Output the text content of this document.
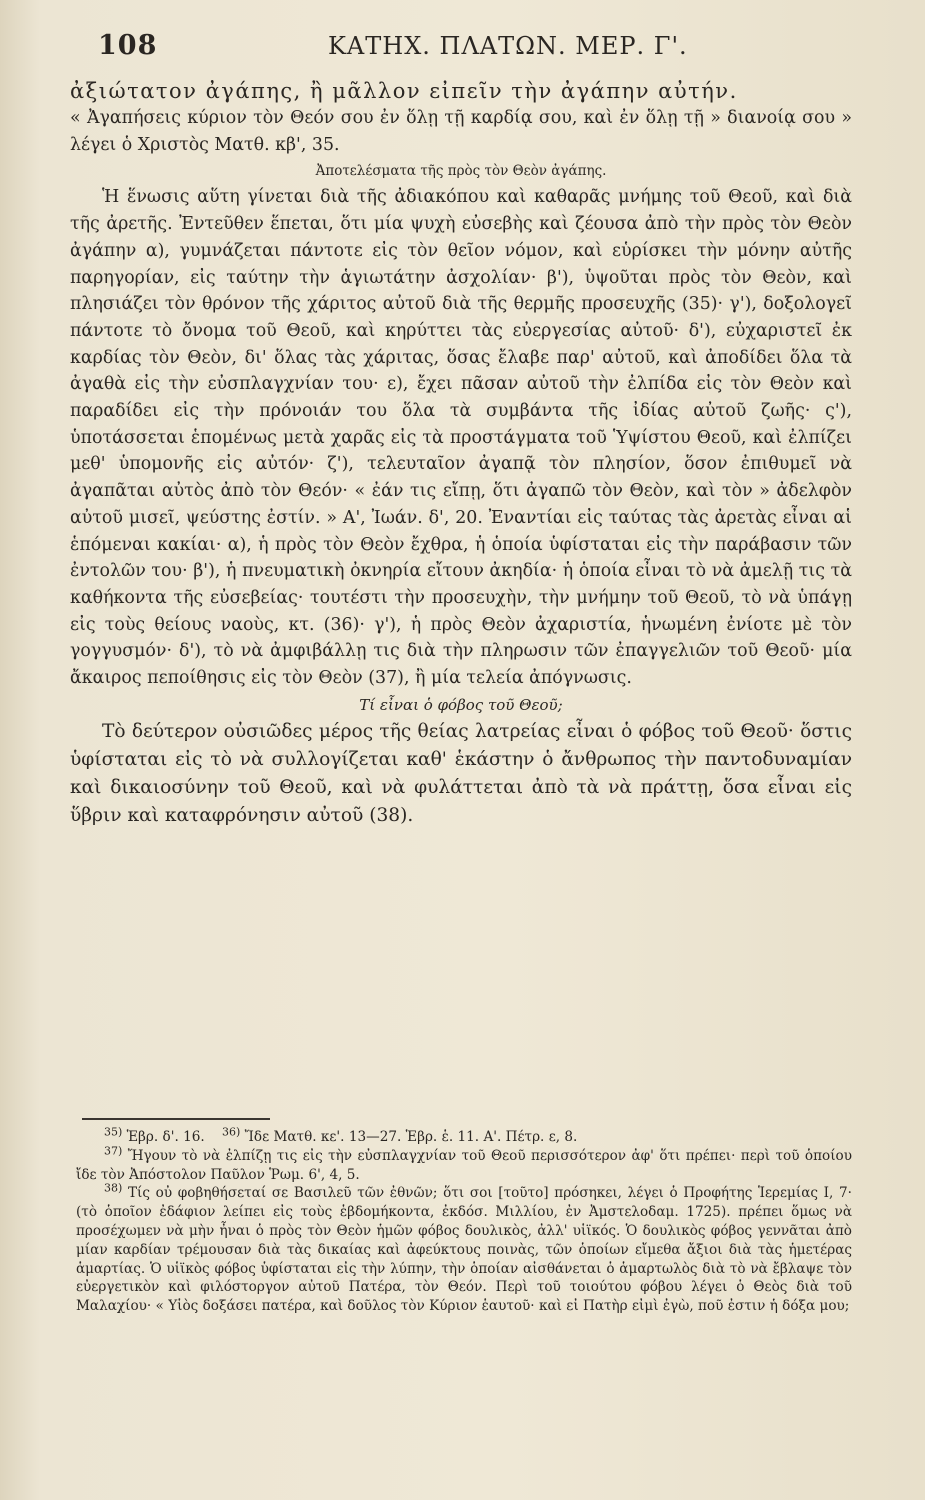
108	ΚΑΤΗΧ. ΠΛΑΤΩΝ. ΜΕΡ. Γ'.

ἀξιώτατον ἀγάπης, ἢ μᾶλλον εἰπεῖν τὴν ἀγάπην αὐτήν.

« Ἀγαπήσεις κύριον τὸν Θεόν σου ἐν ὅλῃ τῇ καρδίᾳ σου, καὶ ἐν ὅλῃ τῇ » διανοίᾳ σου » λέγει ὁ Χριστὸς Ματθ. κβ', 35.

Ἀποτελέσματα τῆς πρὸς τὸν Θεὸν ἀγάπης.

Ἡ ἕνωσις αὕτη γίνεται διὰ τῆς ἀδιακόπου καὶ καθαρᾶς μνήμης τοῦ Θεοῦ, καὶ διὰ τῆς ἀρετῆς. Ἐντεῦθεν ἕπεται, ὅτι μία ψυχὴ εὐσεβὴς καὶ ζέουσα ἀπὸ τὴν πρὸς τὸν Θεὸν ἀγάπην α), γυμνάζεται πάντοτε εἰς τὸν θεῖον νόμον, καὶ εὑρίσκει τὴν μόνην αὐτῆς παρηγορίαν, εἰς ταύτην τὴν ἁγιωτάτην ἀσχολίαν· β'), ὑψοῦται πρὸς τὸν Θεὸν, καὶ πλησιάζει τὸν θρόνον τῆς χάριτος αὐτοῦ διὰ τῆς θερμῆς προσευχῆς (35)· γ'), δοξολογεῖ πάντοτε τὸ ὄνομα τοῦ Θεοῦ, καὶ κηρύττει τὰς εὐεργεσίας αὐτοῦ· δ'), εὐχαριστεῖ ἐκ καρδίας τὸν Θεὸν, δι' ὅλας τὰς χάριτας, ὅσας ἔλαβε παρ' αὐτοῦ, καὶ ἀποδίδει ὅλα τὰ ἀγαθὰ εἰς τὴν εὐσπλαγχνίαν του· ε), ἔχει πᾶσαν αὐτοῦ τὴν ἐλπίδα εἰς τὸν Θεὸν καὶ παραδίδει εἰς τὴν πρόνοιάν του ὅλα τὰ συμβάντα τῆς ἰδίας αὐτοῦ ζωῆς· ς'), ὑποτάσσεται ἑπομένως μετὰ χαρᾶς εἰς τὰ προστάγματα τοῦ Ὑψίστου Θεοῦ, καὶ ἐλπίζει μεθ' ὑπομονῆς εἰς αὐτόν· ζ'), τελευταῖον ἀγαπᾷ τὸν πλησίον, ὅσον ἐπιθυμεῖ νὰ ἀγαπᾶται αὐτὸς ἀπὸ τὸν Θεόν· « ἐάν τις εἴπῃ, ὅτι ἀγαπῶ τὸν Θεὸν, καὶ τὸν » ἀδελφὸν αὐτοῦ μισεῖ, ψεύστης ἐστίν. » Α', Ἰωάν. δ', 20. Ἐναντίαι εἰς ταύτας τὰς ἀρετὰς εἶναι αἱ ἑπόμεναι κακίαι· α), ἡ πρὸς τὸν Θεὸν ἔχθρα, ἡ ὁποία ὑφίσταται εἰς τὴν παράβασιν τῶν ἐντολῶν του· β'), ἡ πνευματικὴ ὀκνηρία εἴτουν ἀκηδία· ἡ ὁποία εἶναι τὸ νὰ ἀμελῇ τις τὰ καθήκοντα τῆς εὐσεβείας· τουτέστι τὴν προσευχὴν, τὴν μνήμην τοῦ Θεοῦ, τὸ νὰ ὑπάγῃ εἰς τοὺς θείους ναοὺς, κτ. (36)· γ'), ἡ πρὸς Θεὸν ἀχαριστία, ἡνωμένη ἐνίοτε μὲ τὸν γογγυσμόν· δ'), τὸ νὰ ἀμφιβάλλῃ τις διὰ τὴν πληρωσιν τῶν ἐπαγγελιῶν τοῦ Θεοῦ· μία ἄκαιρος πεποίθησις εἰς τὸν Θεὸν (37), ἢ μία τελεία ἀπόγνωσις.

Τί εἶναι ὁ φόβος τοῦ Θεοῦ;

Τὸ δεύτερον οὐσιῶδες μέρος τῆς θείας λατρείας εἶναι ὁ φόβος τοῦ Θεοῦ· ὅστις ὑφίσταται εἰς τὸ νὰ συλλογίζεται καθ' ἑκάστην ὁ ἄνθρωπος τὴν παντοδυναμίαν καὶ δικαιοσύνην τοῦ Θεοῦ, καὶ νὰ φυλάττεται ἀπὸ τὰ νὰ πράττῃ, ὅσα εἶναι εἰς ὕβριν καὶ καταφρόνησιν αὐτοῦ (38).

$^{35)}$ Ἑβρ. δ'. 16. $^{36)}$ Ἴδε Ματθ. κε'. 13—27. Ἑβρ. ἑ. 11. Α'. Πέτρ. ε, 8.

$^{37)}$ Ἤγουν τὸ νὰ ἐλπίζῃ τις εἰς τὴν εὐσπλαγχνίαν τοῦ Θεοῦ περισσότερον ἀφ' ὅτι πρέπει· περὶ τοῦ ὁποίου ἴδε τὸν Ἀπόστολον Παῦλον Ῥωμ. 6', 4, 5.

$^{38)}$ Τίς οὐ φοβηθήσεταί σε Βασιλεῦ τῶν ἐθνῶν; ὅτι σοι [τοῦτο] πρόσηκει, λέγει ὁ Προφήτης Ἱερεμίας Ι, 7· (τὸ ὁποῖον ἐδάφιον λείπει εἰς τοὺς ἑβδομήκοντα, ἐκδόσ. Μιλλίου, ἐν Ἀμστελοδαμ. 1725). πρέπει ὅμως νὰ προσέχωμεν νὰ μὴν ἦναι ὁ πρὸς τὸν Θεὸν ἡμῶν φόβος δουλικὸς, ἀλλ' υἱϊκός. Ὁ δουλικὸς φόβος γεννᾶται ἀπὸ μίαν καρδίαν τρέμουσαν διὰ τὰς δικαίας καὶ ἀφεύκτους ποινὰς, τῶν ὁποίων εἴμεθα ἄξιοι διὰ τὰς ἡμετέρας ἁμαρτίας. Ὁ υἱϊκὸς φόβος ὑφίσταται εἰς τὴν λύπην, τὴν ὁποίαν αἰσθάνεται ὁ ἁμαρτωλὸς διὰ τὸ νὰ ἔβλαψε τὸν εὐεργετικὸν καὶ φιλόστοργον αὐτοῦ Πατέρα, τὸν Θεόν. Περὶ τοῦ τοιούτου φόβου λέγει ὁ Θεὸς διὰ τοῦ Μαλαχίου· « Υἱὸς δοξάσει πατέρα, καὶ δοῦλος τὸν Κύριον ἑαυτοῦ· καὶ εἰ Πατὴρ εἰμὶ ἐγὼ, ποῦ ἐστιν ἡ δόξα μου;
